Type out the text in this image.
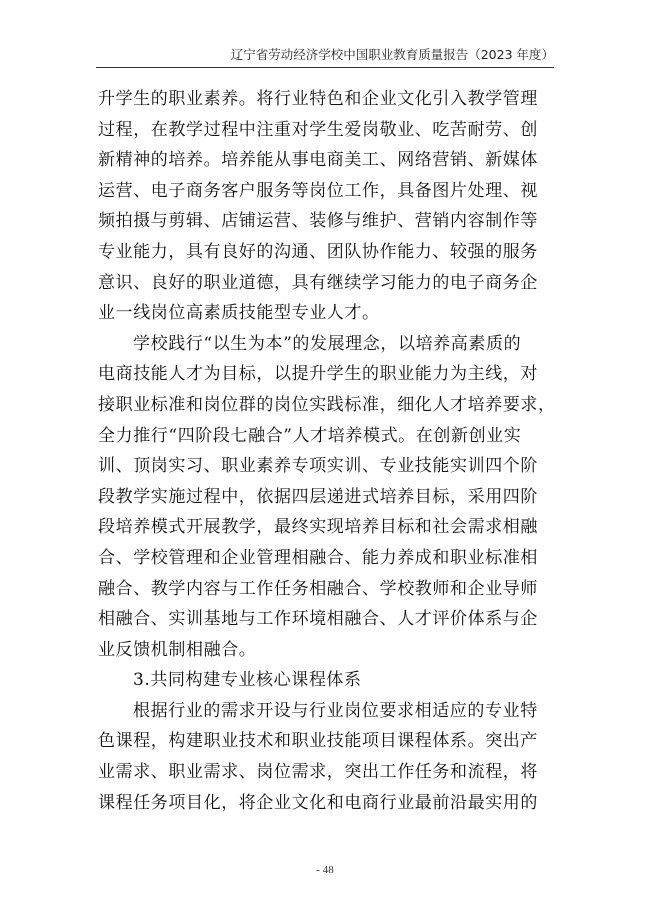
辽宁省劳动经济学校中国职业教育质量报告（2023 年度）
升学生的职业素养。将行业特色和企业文化引入教学管理
过程，在教学过程中注重对学生爱岗敬业、吃苦耐劳、创
新精神的培养。培养能从事电商美工、网络营销、新媒体
运营、电子商务客户服务等岗位工作，具备图片处理、视
频拍摄与剪辑、店铺运营、装修与维护、营销内容制作等
专业能力，具有良好的沟通、团队协作能力、较强的服务
意识、良好的职业道德，具有继续学习能力的电子商务企
业一线岗位高素质技能型专业人才。
学校践行“以生为本”的发展理念，以培养高素质的
电商技能人才为目标，以提升学生的职业能力为主线，对
接职业标准和岗位群的岗位实践标准，细化人才培养要求，
全力推行“四阶段七融合”人才培养模式。在创新创业实
训、顶岗实习、职业素养专项实训、专业技能实训四个阶
段教学实施过程中，依据四层递进式培养目标，采用四阶
段培养模式开展教学，最终实现培养目标和社会需求相融
合、学校管理和企业管理相融合、能力养成和职业标准相
融合、教学内容与工作任务相融合、学校教师和企业导师
相融合、实训基地与工作环境相融合、人才评价体系与企
业反馈机制相融合。
3.共同构建专业核心课程体系
根据行业的需求开设与行业岗位要求相适应的专业特
色课程，构建职业技术和职业技能项目课程体系。突出产
业需求、职业需求、岗位需求，突出工作任务和流程，将
课程任务项目化，将企业文化和电商行业最前沿最实用的
- 48
